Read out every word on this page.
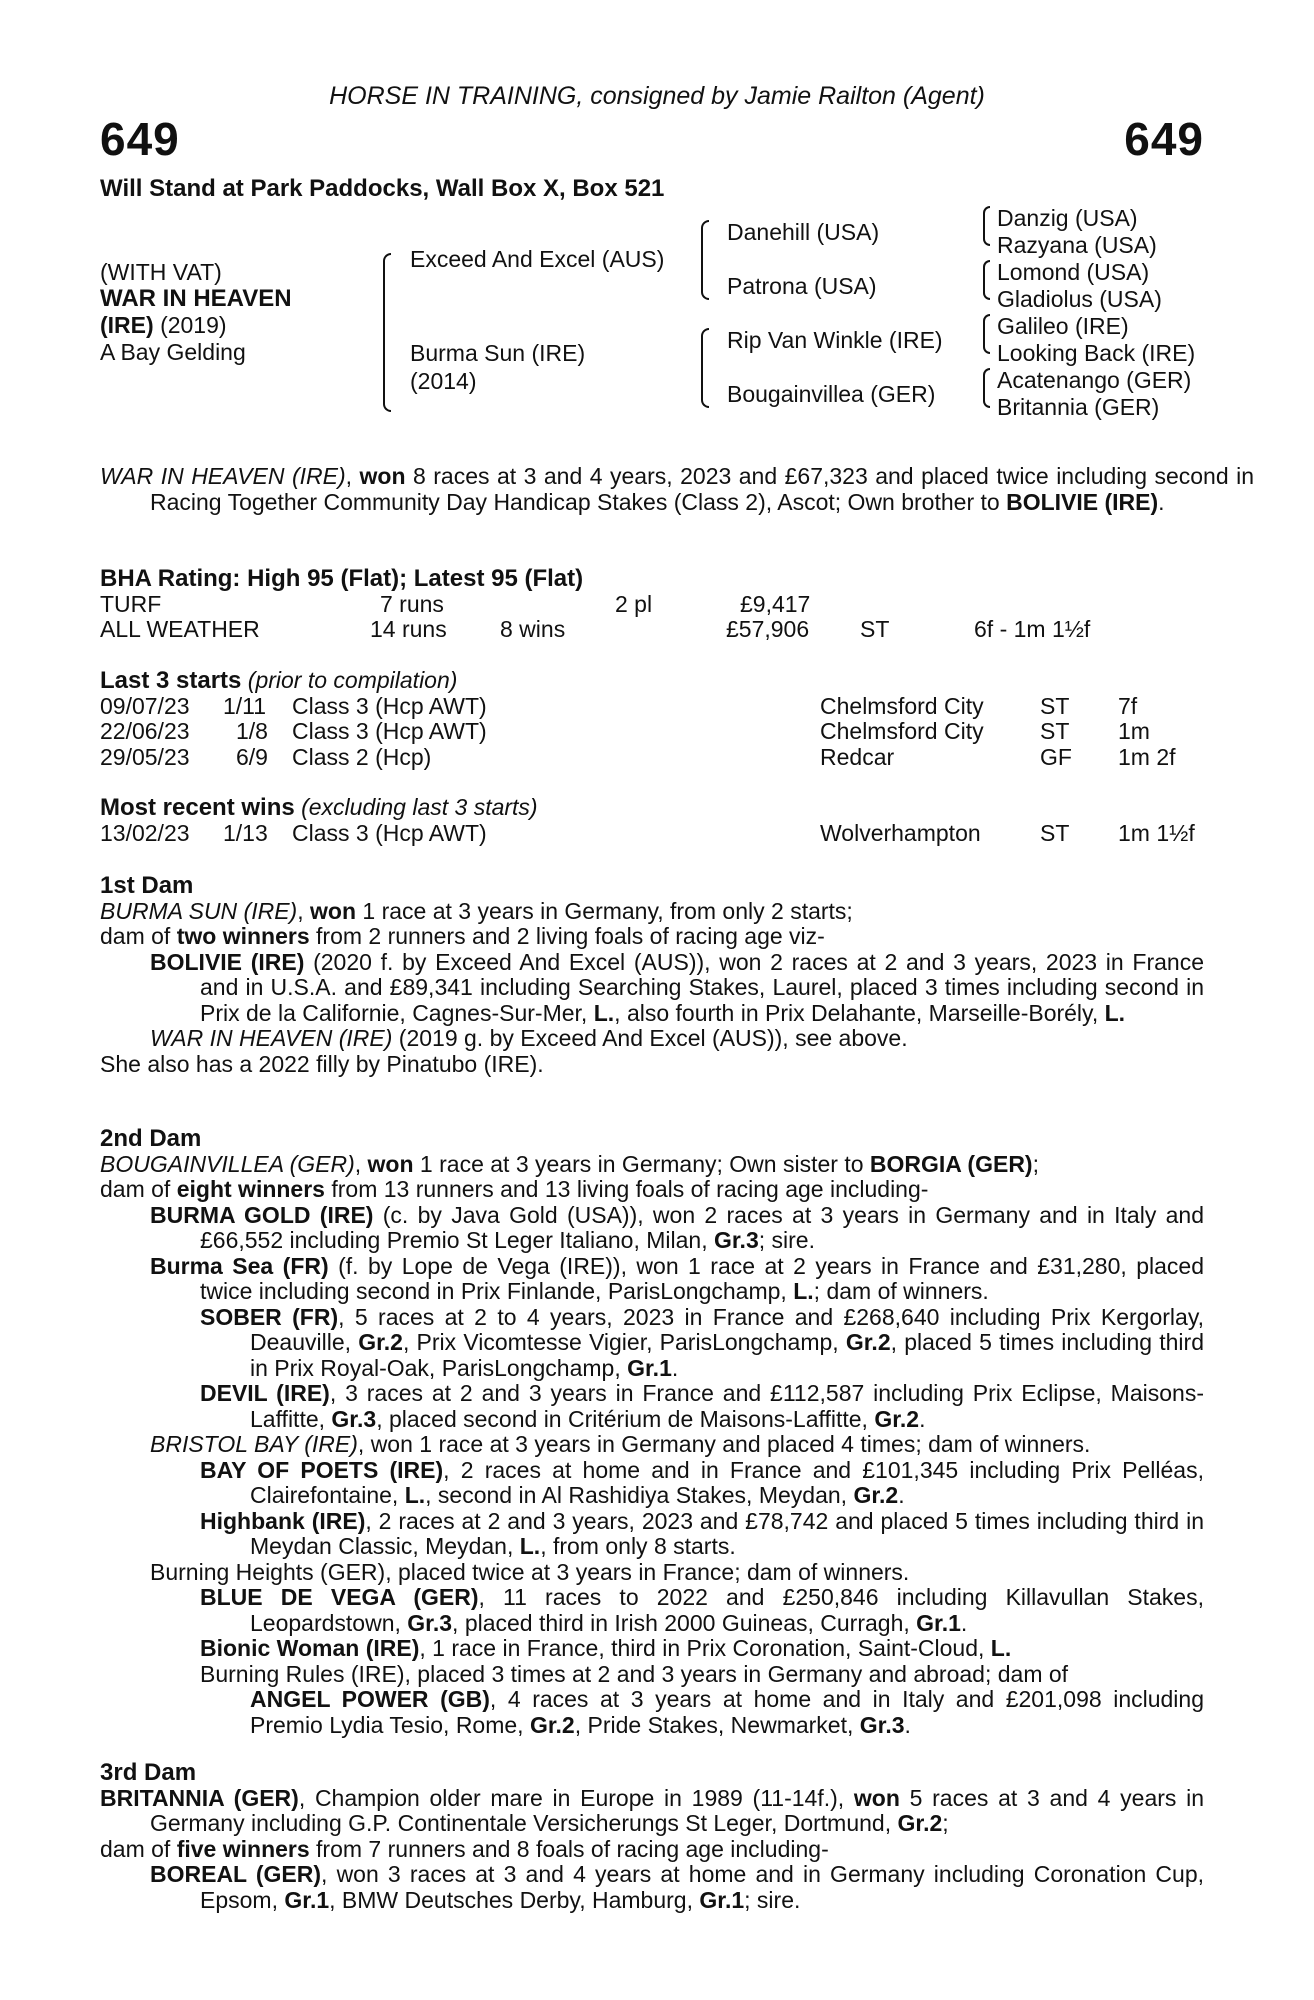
HORSE IN TRAINING, consigned by Jamie Railton (Agent)
649	649
Will Stand at Park Paddocks, Wall Box X, Box 521
(WITH VAT)
WAR IN HEAVEN
(IRE) (2019)
A Bay Gelding
Exceed And Excel (AUS)
Burma Sun (IRE)
(2014)
Danehill (USA)
Patrona (USA)
Rip Van Winkle (IRE)
Bougainvillea (GER)
Danzig (USA)
Razyana (USA)
Lomond (USA)
Gladiolus (USA)
Galileo (IRE)
Looking Back (IRE)
Acatenango (GER)
Britannia (GER)
WAR IN HEAVEN (IRE), won 8 races at 3 and 4 years, 2023 and £67,323 and placed twice including second in Racing Together Community Day Handicap Stakes (Class 2), Ascot; Own brother to BOLIVIE (IRE).
BHA Rating: High 95 (Flat); Latest 95 (Flat)
TURF	7 runs	2 pl	£9,417
ALL WEATHER	14 runs 8 wins	£57,906 ST	6f - 1m 1½f
Last 3 starts (prior to compilation)
09/07/23 1/11 Class 3 (Hcp AWT)	Chelmsford City ST 7f
22/06/23 1/8 Class 3 (Hcp AWT)	Chelmsford City ST 1m
29/05/23 6/9 Class 2 (Hcp)	Redcar	GF 1m 2f
Most recent wins (excluding last 3 starts)
13/02/23 1/13 Class 3 (Hcp AWT)	Wolverhampton	ST 1m 1½f
1st Dam
BURMA SUN (IRE), won 1 race at 3 years in Germany, from only 2 starts;
dam of two winners from 2 runners and 2 living foals of racing age viz-
BOLIVIE (IRE) (2020 f. by Exceed And Excel (AUS)), won 2 races at 2 and 3 years, 2023 in France and in U.S.A. and £89,341 including Searching Stakes, Laurel, placed 3 times including second in Prix de la Californie, Cagnes-Sur-Mer, L., also fourth in Prix Delahante, Marseille-Borély, L.
WAR IN HEAVEN (IRE) (2019 g. by Exceed And Excel (AUS)), see above.
She also has a 2022 filly by Pinatubo (IRE).
2nd Dam
BOUGAINVILLEA (GER), won 1 race at 3 years in Germany; Own sister to BORGIA (GER);
dam of eight winners from 13 runners and 13 living foals of racing age including-
BURMA GOLD (IRE) (c. by Java Gold (USA)), won 2 races at 3 years in Germany and in Italy and £66,552 including Premio St Leger Italiano, Milan, Gr.3; sire.
Burma Sea (FR) (f. by Lope de Vega (IRE)), won 1 race at 2 years in France and £31,280, placed twice including second in Prix Finlande, ParisLongchamp, L.; dam of winners.
SOBER (FR), 5 races at 2 to 4 years, 2023 in France and £268,640 including Prix Kergorlay, Deauville, Gr.2, Prix Vicomtesse Vigier, ParisLongchamp, Gr.2, placed 5 times including third in Prix Royal-Oak, ParisLongchamp, Gr.1.
DEVIL (IRE), 3 races at 2 and 3 years in France and £112,587 including Prix Eclipse, Maisons-Laffitte, Gr.3, placed second in Critérium de Maisons-Laffitte, Gr.2.
BRISTOL BAY (IRE), won 1 race at 3 years in Germany and placed 4 times; dam of winners.
BAY OF POETS (IRE), 2 races at home and in France and £101,345 including Prix Pelléas, Clairefontaine, L., second in Al Rashidiya Stakes, Meydan, Gr.2.
Highbank (IRE), 2 races at 2 and 3 years, 2023 and £78,742 and placed 5 times including third in Meydan Classic, Meydan, L., from only 8 starts.
Burning Heights (GER), placed twice at 3 years in France; dam of winners.
BLUE DE VEGA (GER), 11 races to 2022 and £250,846 including Killavullan Stakes, Leopardstown, Gr.3, placed third in Irish 2000 Guineas, Curragh, Gr.1.
Bionic Woman (IRE), 1 race in France, third in Prix Coronation, Saint-Cloud, L.
Burning Rules (IRE), placed 3 times at 2 and 3 years in Germany and abroad; dam of
ANGEL POWER (GB), 4 races at 3 years at home and in Italy and £201,098 including Premio Lydia Tesio, Rome, Gr.2, Pride Stakes, Newmarket, Gr.3.
3rd Dam
BRITANNIA (GER), Champion older mare in Europe in 1989 (11-14f.), won 5 races at 3 and 4 years in Germany including G.P. Continentale Versicherungs St Leger, Dortmund, Gr.2;
dam of five winners from 7 runners and 8 foals of racing age including-
BOREAL (GER), won 3 races at 3 and 4 years at home and in Germany including Coronation Cup, Epsom, Gr.1, BMW Deutsches Derby, Hamburg, Gr.1; sire.
